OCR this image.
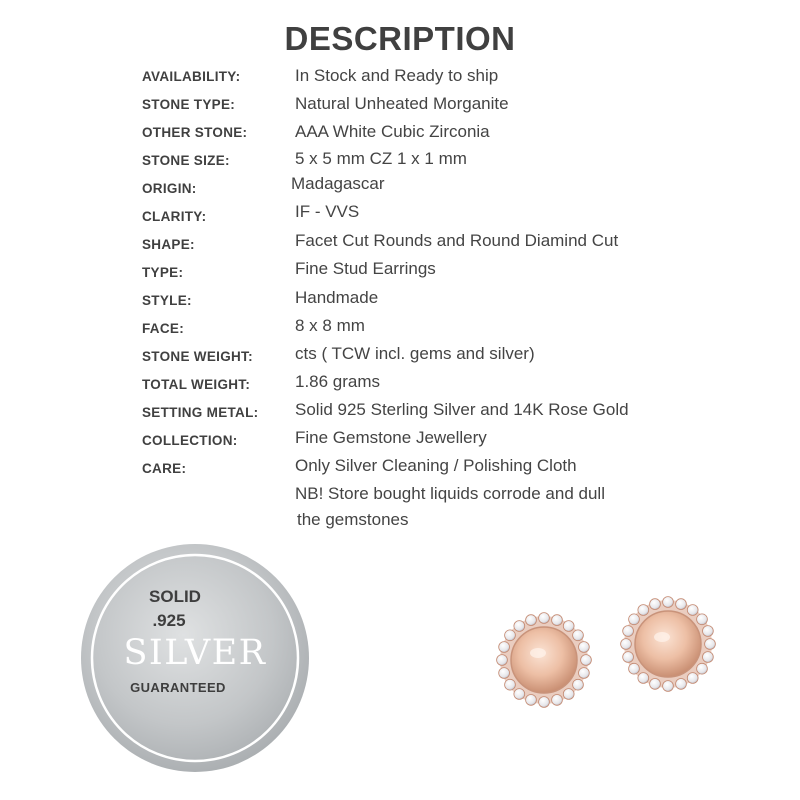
DESCRIPTION
AVAILABILITY:	In Stock and Ready to ship
STONE TYPE:	Natural Unheated Morganite
OTHER STONE:	AAA White Cubic Zirconia
STONE SIZE:	5 x 5 mm CZ 1 x 1 mm
ORIGIN:	Madagascar
CLARITY:	IF - VVS
SHAPE:	Facet Cut Rounds and Round Diamind Cut
TYPE:	Fine Stud Earrings
STYLE:	Handmade
FACE:	8 x 8 mm
STONE WEIGHT: cts ( TCW incl. gems and silver)
TOTAL WEIGHT:	1.86 grams
SETTING METAL: Solid 925 Sterling Silver and 14K Rose Gold
COLLECTION:	Fine Gemstone Jewellery
CARE:	Only Silver Cleaning / Polishing Cloth
NB! Store bought liquids corrode and dull
the gemstones
SOLID
.925
SILVER
GUARANTEED
